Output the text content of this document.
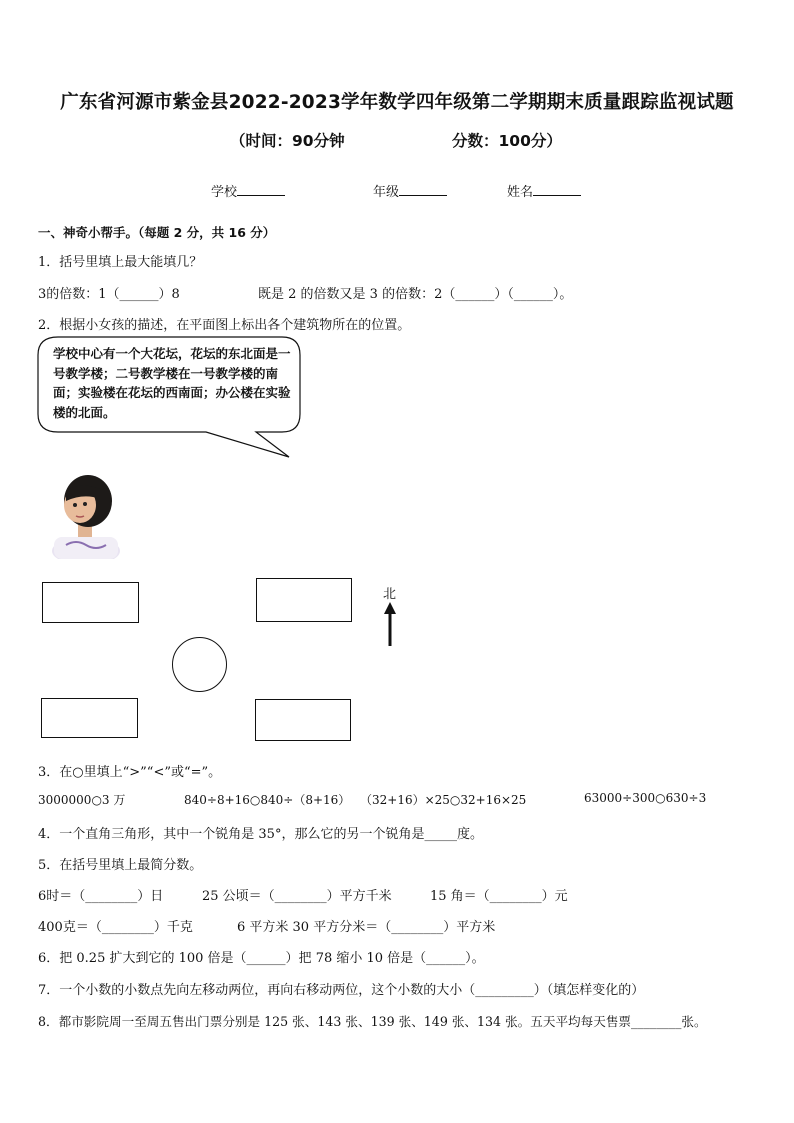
广东省河源市紫金县2022-2023学年数学四年级第二学期期末质量跟踪监视试题
（时间：90分钟	分数：100分）
学校	年级	姓名
一、神奇小帮手。（每题 2 分，共 16 分）
1．括号里填上最大能填几？
3的倍数：1（______）8	既是 2 的倍数又是 3 的倍数：2（______）（______）。
2．根据小女孩的描述，在平面图上标出各个建筑物所在的位置。
学校中心有一个大花坛，花坛的东北面是一号教学楼；二号教学楼在一号教学楼的南面；实验楼在花坛的西南面；办公楼在实验楼的北面。
北
3．在○里填上“>”“<”或“=”。
3000000○3 万	840÷8+16○840÷（8+16） （32+16）×25○32+16×25	63000÷300○630÷3
4．一个直角三角形，其中一个锐角是 35°，那么它的另一个锐角是_____度。
5．在括号里填上最简分数。
6时＝（________）日	25 公顷＝（________）平方千米	15 角＝（________）元
400克＝（________）千克	6 平方米 30 平方分米＝（________）平方米
6．把 0.25 扩大到它的 100 倍是（______）把 78 缩小 10 倍是（______）。
7．一个小数的小数点先向左移动两位，再向右移动两位，这个小数的大小（_________）（填怎样变化的）
8．都市影院周一至周五售出门票分别是 125 张、143 张、139 张、149 张、134 张。五天平均每天售票________张。
